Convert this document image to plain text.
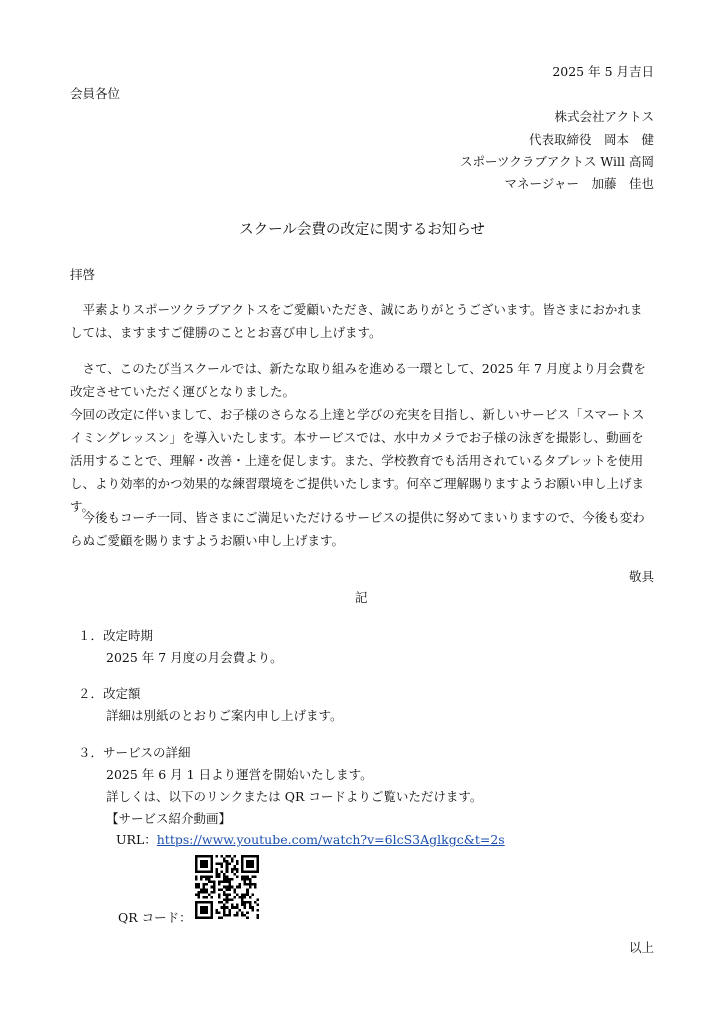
2025 年 5 月吉日
会員各位
株式会社アクトス
代表取締役　岡本　健
スポーツクラブアクトス Will 高岡
マネージャー　加藤　佳也
スクール会費の改定に関するお知らせ
拝啓
平素よりスポーツクラブアクトスをご愛顧いただき、誠にありがとうございます。皆さまにおかれましては、ますますご健勝のこととお喜び申し上げます。
さて、このたび当スクールでは、新たな取り組みを進める一環として、2025 年 7 月度より月会費を改定させていただく運びとなりました。
今回の改定に伴いまして、お子様のさらなる上達と学びの充実を目指し、新しいサービス「スマートスイミングレッスン」を導入いたします。本サービスでは、水中カメラでお子様の泳ぎを撮影し、動画を活用することで、理解・改善・上達を促します。また、学校教育でも活用されているタブレットを使用し、より効率的かつ効果的な練習環境をご提供いたします。何卒ご理解賜りますようお願い申し上げます。
今後もコーチ一同、皆さまにご満足いただけるサービスの提供に努めてまいりますので、今後も変わらぬご愛顧を賜りますようお願い申し上げます。
敬具
記
１．改定時期
2025 年 7 月度の月会費より。
２．改定額
詳細は別紙のとおりご案内申し上げます。
３．サービスの詳細
2025 年 6 月 1 日より運営を開始いたします。
詳しくは、以下のリンクまたは QR コードよりご覧いただけます。
【サービス紹介動画】
URL：https://www.youtube.com/watch?v=6lcS3Aglkgc&t=2s
QR コード：
以上
